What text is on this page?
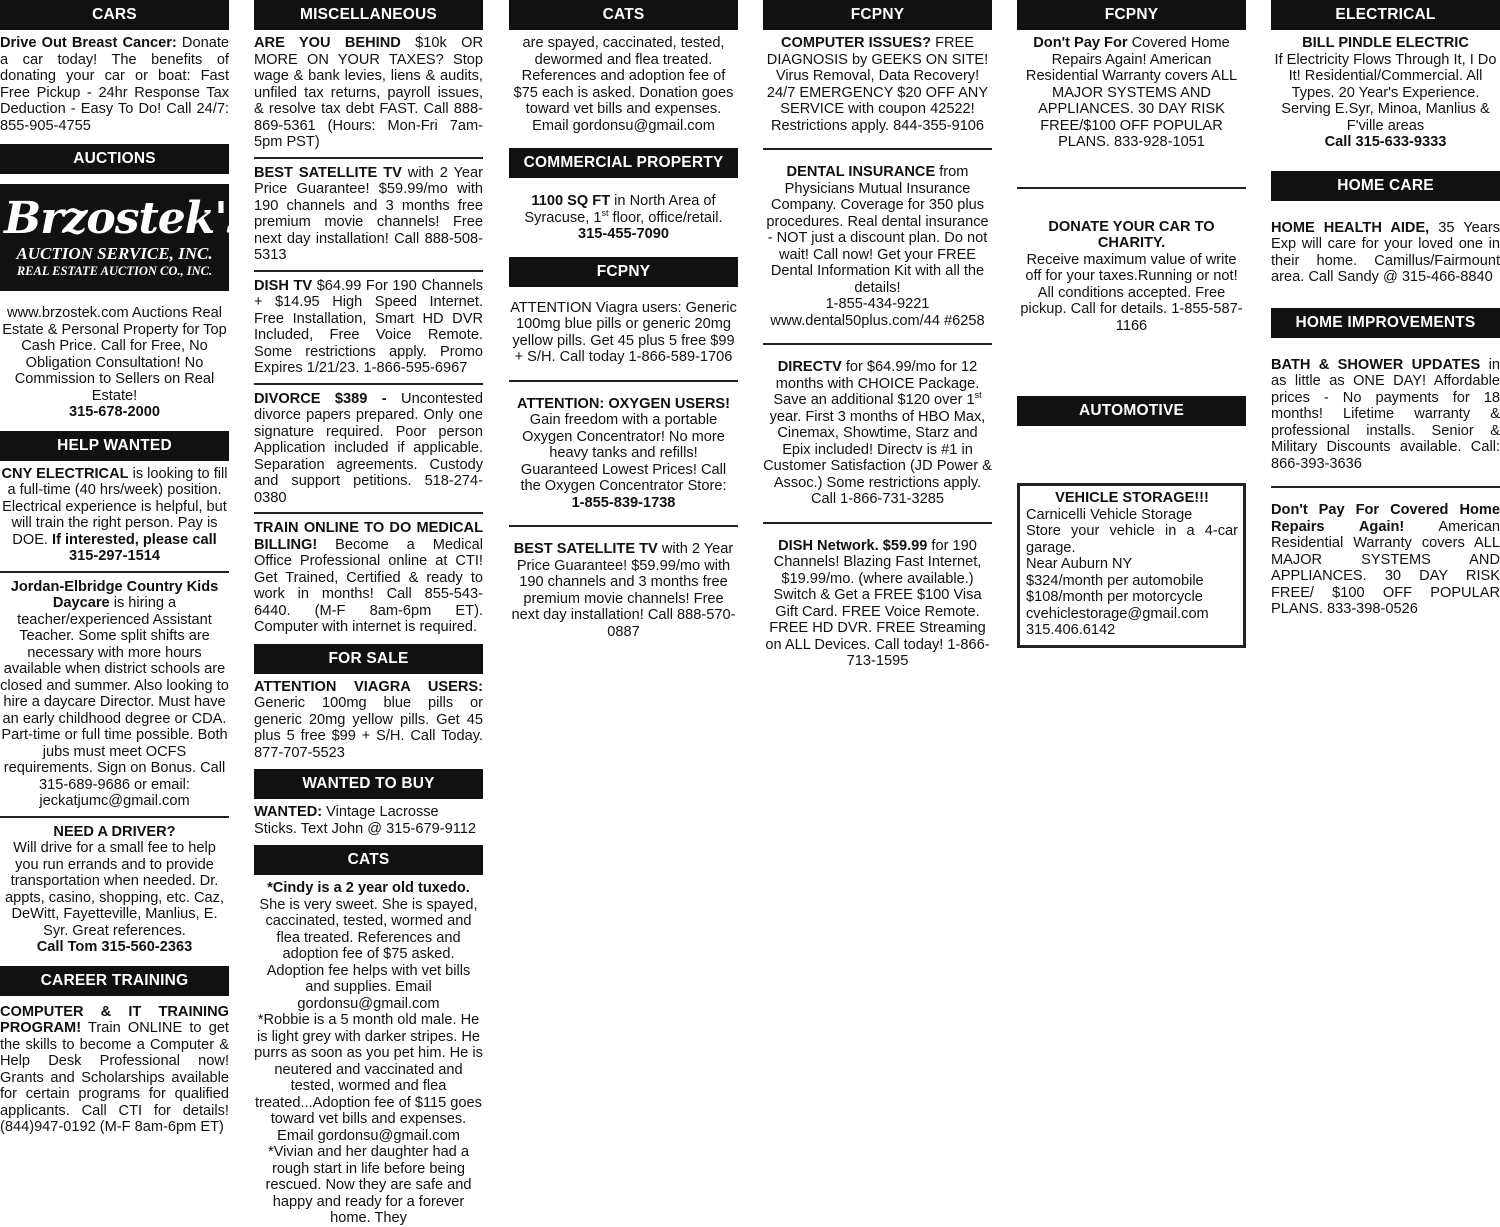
CARS

Drive Out Breast Cancer: Donate a car today! The benefits of donating your car or boat: Fast Free Pickup - 24hr Response Tax Deduction - Easy To Do! Call 24/7: 855-905-4755

AUCTIONS
Brzostek's
AUCTION SERVICE, INC.
REAL ESTATE AUCTION CO., INC.

www.brzostek.com Auctions Real Estate & Personal Property for Top Cash Price. Call for Free, No Obligation Consultation! No Commission to Sellers on Real Estate!
315-678-2000

HELP WANTED

CNY ELECTRICAL is looking to fill a full-time (40 hrs/week) position. Electrical experience is helpful, but will train the right person. Pay is DOE. If interested, please call 315-297-1514

Jordan-Elbridge Country Kids Daycare is hiring a teacher/experienced Assistant Teacher. Some split shifts are necessary with more hours available when district schools are closed and summer. Also looking to hire a daycare Director. Must have an early childhood degree or CDA. Part-time or full time possible. Both jubs must meet OCFS requirements. Sign on Bonus. Call 315-689-9686 or email: jeckatjumc@gmail.com

NEED A DRIVER?
Will drive for a small fee to help you run errands and to provide transportation when needed. Dr. appts, casino, shopping, etc. Caz, DeWitt, Fayetteville, Manlius, E. Syr. Great references.
Call Tom 315-560-2363

CAREER TRAINING

COMPUTER & IT TRAINING PROGRAM! Train ONLINE to get the skills to become a Computer & Help Desk Professional now! Grants and Scholarships available for certain programs for qualified applicants. Call CTI for details! (844)947-0192 (M-F 8am-6pm ET)

MISCELLANEOUS

ARE YOU BEHIND $10k OR MORE ON YOUR TAXES? Stop wage & bank levies, liens & audits, unfiled tax returns, payroll issues, & resolve tax debt FAST. Call 888-869-5361 (Hours: Mon-Fri 7am-5pm PST)

BEST SATELLITE TV with 2 Year Price Guarantee! $59.99/mo with 190 channels and 3 months free premium movie channels! Free next day installation! Call 888-508-5313

DISH TV $64.99 For 190 Channels + $14.95 High Speed Internet. Free Installation, Smart HD DVR Included, Free Voice Remote. Some restrictions apply. Promo Expires 1/21/23. 1-866-595-6967

DIVORCE $389 - Uncontested divorce papers prepared. Only one signature required. Poor person Application included if applicable. Separation agreements. Custody and support petitions. 518-274-0380

TRAIN ONLINE TO DO MEDICAL BILLING! Become a Medical Office Professional online at CTI! Get Trained, Certified & ready to work in months! Call 855-543-6440. (M-F 8am-6pm ET). Computer with internet is required.

FOR SALE

ATTENTION VIAGRA USERS: Generic 100mg blue pills or generic 20mg yellow pills. Get 45 plus 5 free $99 + S/H. Call Today. 877-707-5523

WANTED TO BUY

WANTED: Vintage Lacrosse Sticks. Text John @ 315-679-9112

CATS

*Cindy is a 2 year old tuxedo. She is very sweet. She is spayed, caccinated, tested, wormed and flea treated. References and adoption fee of $75 asked. Adoption fee helps with vet bills and supplies. Email gordonsu@gmail.com
*Robbie is a 5 month old male. He is light grey with darker stripes. He purrs as soon as you pet him. He is neutered and vaccinated and tested, wormed and flea treated...Adoption fee of $115 goes toward vet bills and expenses. Email gordonsu@gmail.com
*Vivian and her daughter had a rough start in life before being rescued. Now they are safe and happy and ready for a forever home. They

CATS

are spayed, caccinated, tested, dewormed and flea treated. References and adoption fee of $75 each is asked. Donation goes toward vet bills and expenses. Email gordonsu@gmail.com

COMMERCIAL PROPERTY

1100 SQ FT in North Area of Syracuse, 1st floor, office/retail.
315-455-7090

FCPNY

ATTENTION Viagra users: Generic 100mg blue pills or generic 20mg yellow pills. Get 45 plus 5 free $99 + S/H. Call today 1-866-589-1706

ATTENTION: OXYGEN USERS!
Gain freedom with a portable Oxygen Concentrator! No more heavy tanks and refills! Guaranteed Lowest Prices! Call the Oxygen Concentrator Store:
1-855-839-1738

BEST SATELLITE TV with 2 Year Price Guarantee! $59.99/mo with 190 channels and 3 months free premium movie channels! Free next day installation! Call 888-570-0887

FCPNY

COMPUTER ISSUES? FREE DIAGNOSIS by GEEKS ON SITE! Virus Removal, Data Recovery! 24/7 EMERGENCY $20 OFF ANY SERVICE with coupon 42522! Restrictions apply. 844-355-9106

DENTAL INSURANCE from Physicians Mutual Insurance Company. Coverage for 350 plus procedures. Real dental insurance - NOT just a discount plan. Do not wait! Call now! Get your FREE Dental Information Kit with all the details!
1-855-434-9221
www.dental50plus.com/44 #6258

DIRECTV for $64.99/mo for 12 months with CHOICE Package. Save an additional $120 over 1st year. First 3 months of HBO Max, Cinemax, Showtime, Starz and Epix included! Directv is #1 in Customer Satisfaction (JD Power & Assoc.) Some restrictions apply. Call 1-866-731-3285

DISH Network. $59.99 for 190 Channels! Blazing Fast Internet, $19.99/mo. (where available.) Switch & Get a FREE $100 Visa Gift Card. FREE Voice Remote. FREE HD DVR. FREE Streaming on ALL Devices. Call today! 1-866-713-1595

FCPNY

Don't Pay For Covered Home Repairs Again! American Residential Warranty covers ALL MAJOR SYSTEMS AND APPLIANCES. 30 DAY RISK FREE/$100 OFF POPULAR PLANS. 833-928-1051

DONATE YOUR CAR TO CHARITY.
Receive maximum value of write off for your taxes.Running or not! All conditions accepted. Free pickup. Call for details. 1-855-587-1166

AUTOMOTIVE

VEHICLE STORAGE!!!

Carnicelli Vehicle Storage

Store your vehicle in a 4-car garage.

Near Auburn NY

$324/month per automobile

$108/month per motorcycle

cvehiclestorage@gmail.com

315.406.6142

ELECTRICAL

BILL PINDLE ELECTRIC
If Electricity Flows Through It, I Do It! Residential/Commercial. All Types. 20 Year's Experience. Serving E.Syr, Minoa, Manlius & F'ville areas
Call 315-633-9333

HOME CARE

HOME HEALTH AIDE, 35 Years Exp will care for your loved one in their home. Camillus/Fairmount area. Call Sandy @ 315-466-8840

HOME IMPROVEMENTS

BATH & SHOWER UPDATES in as little as ONE DAY! Affordable prices - No payments for 18 months! Lifetime warranty & professional installs. Senior & Military Discounts available. Call: 866-393-3636

Don't Pay For Covered Home Repairs Again! American Residential Warranty covers ALL MAJOR SYSTEMS AND APPLIANCES. 30 DAY RISK FREE/ $100 OFF POPULAR PLANS. 833-398-0526
